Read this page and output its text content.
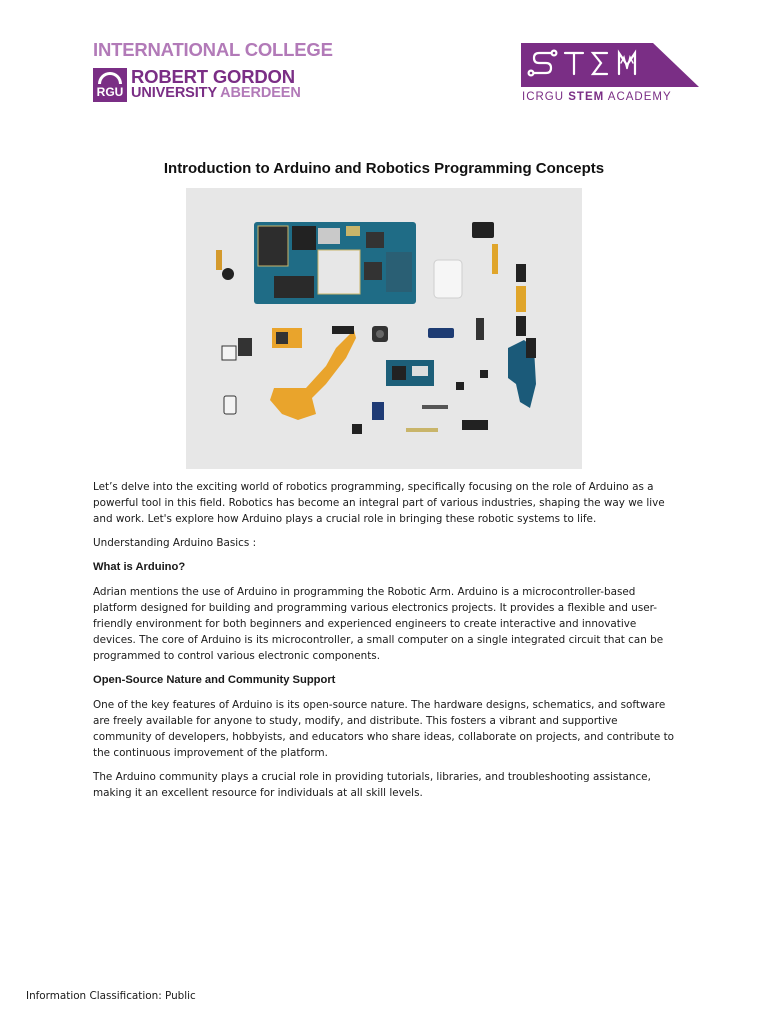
INTERNATIONAL COLLEGE
RGU
ROBERT GORDON
UNIVERSITY ABERDEEN	ICRGU STEM ACADEMY
Introduction to Arduino and Robotics Programming Concepts

Let’s delve into the exciting world of robotics programming, specifically focusing on the role of Arduino as a powerful tool in this field. Robotics has become an integral part of various industries, shaping the way we live and work. Let's explore how Arduino plays a crucial role in bringing these robotic systems to life.

Understanding Arduino Basics :

What is Arduino?

Adrian mentions the use of Arduino in programming the Robotic Arm. Arduino is a microcontroller-based platform designed for building and programming various electronics projects. It provides a flexible and user-friendly environment for both beginners and experienced engineers to create interactive and innovative devices. The core of Arduino is its microcontroller, a small computer on a single integrated circuit that can be programmed to control various electronic components.

Open-Source Nature and Community Support

One of the key features of Arduino is its open-source nature. The hardware designs, schematics, and software are freely available for anyone to study, modify, and distribute. This fosters a vibrant and supportive community of developers, hobbyists, and educators who share ideas, collaborate on projects, and contribute to the continuous improvement of the platform.

The Arduino community plays a crucial role in providing tutorials, libraries, and troubleshooting assistance, making it an excellent resource for individuals at all skill levels.

Information Classification: Public
